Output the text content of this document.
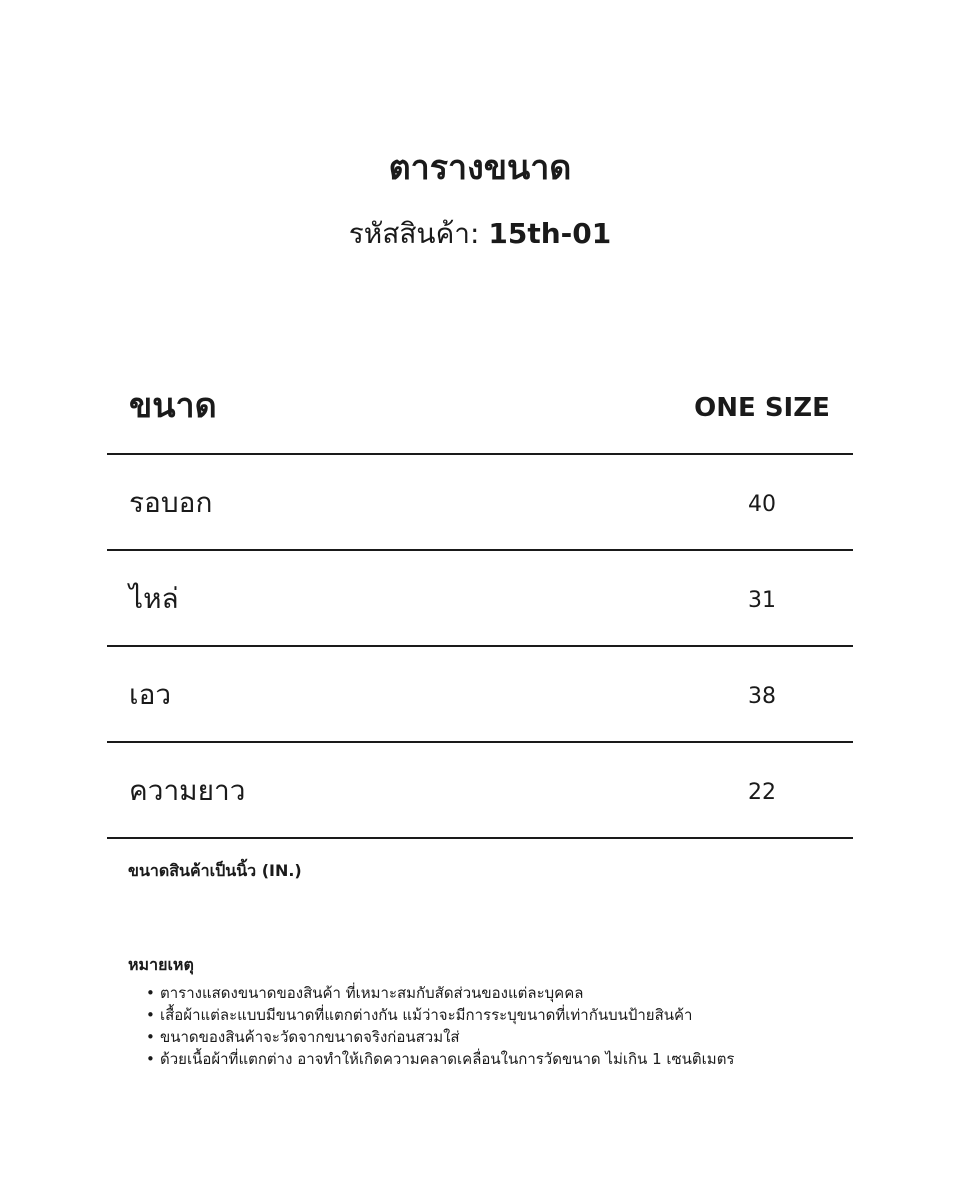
ตารางขนาด
รหัสสินค้า: 15th-01
ขนาด	ONE SIZE
รอบอก	40
ไหล่	31
เอว	38
ความยาว	22
ขนาดสินค้าเป็นนิ้ว (IN.)
หมายเหตุ
• ตารางแสดงขนาดของสินค้า ที่เหมาะสมกับสัดส่วนของแต่ละบุคคล
• เสื้อผ้าแต่ละแบบมีขนาดที่แตกต่างกัน แม้ว่าจะมีการระบุขนาดที่เท่ากันบนป้ายสินค้า
• ขนาดของสินค้าจะวัดจากขนาดจริงก่อนสวมใส่
• ด้วยเนื้อผ้าที่แตกต่าง อาจทำให้เกิดความคลาดเคลื่อนในการวัดขนาด ไม่เกิน 1 เซนติเมตร
